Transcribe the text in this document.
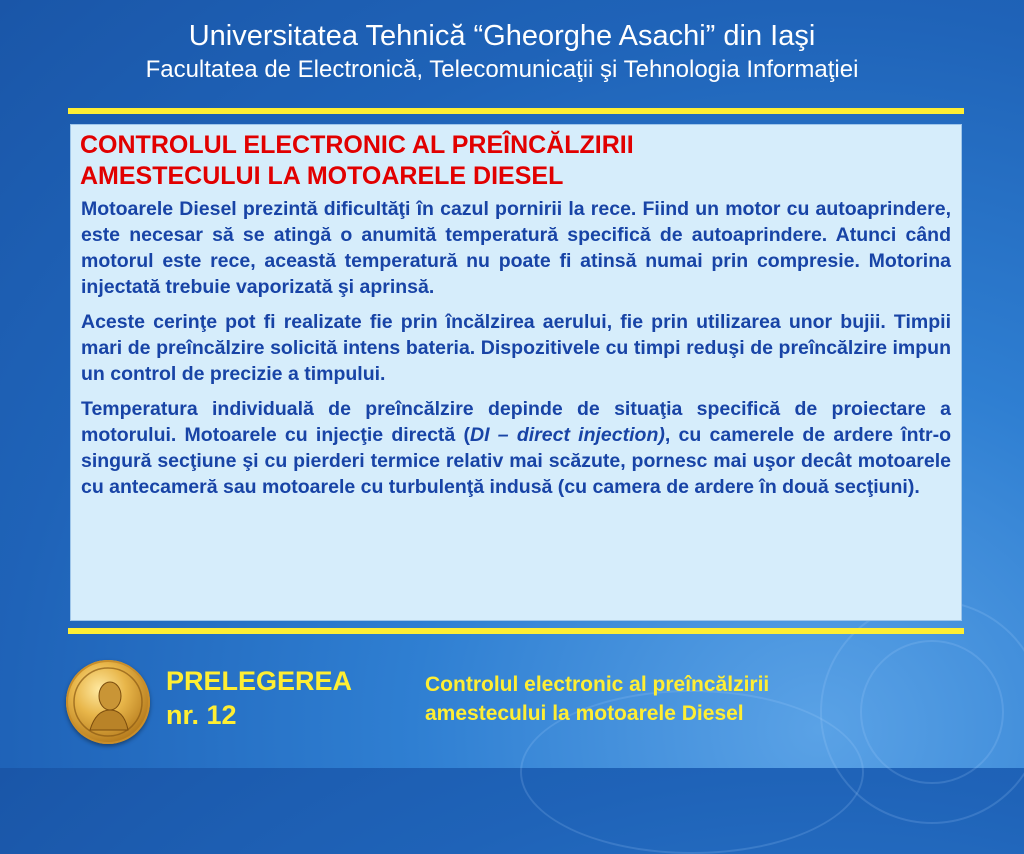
Universitatea Tehnică “Gheorghe Asachi” din Iaşi
Facultatea de Electronică, Telecomunicaţii şi Tehnologia Informaţiei
CONTROLUL ELECTRONIC AL PREÎNCĂLZIRII
AMESTECULUI LA MOTOARELE DIESEL

Motoarele Diesel prezintă dificultăţi în cazul pornirii la rece. Fiind un motor cu autoaprindere, este necesar să se atingă o anumită temperatură specifică de autoaprindere. Atunci când motorul este rece, această temperatură nu poate fi atinsă numai prin compresie. Motorina injectată trebuie vaporizată şi aprinsă.

Aceste cerinţe pot fi realizate fie prin încălzirea aerului, fie prin utilizarea unor bujii. Timpii mari de preîncălzire solicită intens bateria. Dispozitivele cu timpi reduşi de preîncălzire impun un control de precizie a timpului.

Temperatura individuală de preîncălzire depinde de situaţia specifică de proiectare a motorului. Motoarele cu injecţie directă (DI – direct injection), cu camerele de ardere într-o singură secţiune şi cu pierderi termice relativ mai scăzute, pornesc mai uşor decât motoarele cu antecameră sau motoarele cu turbulenţă indusă (cu camera de ardere în două secţiuni).

PRELEGEREA
nr. 12
Controlul electronic al preîncălzirii
amestecului la motoarele Diesel
